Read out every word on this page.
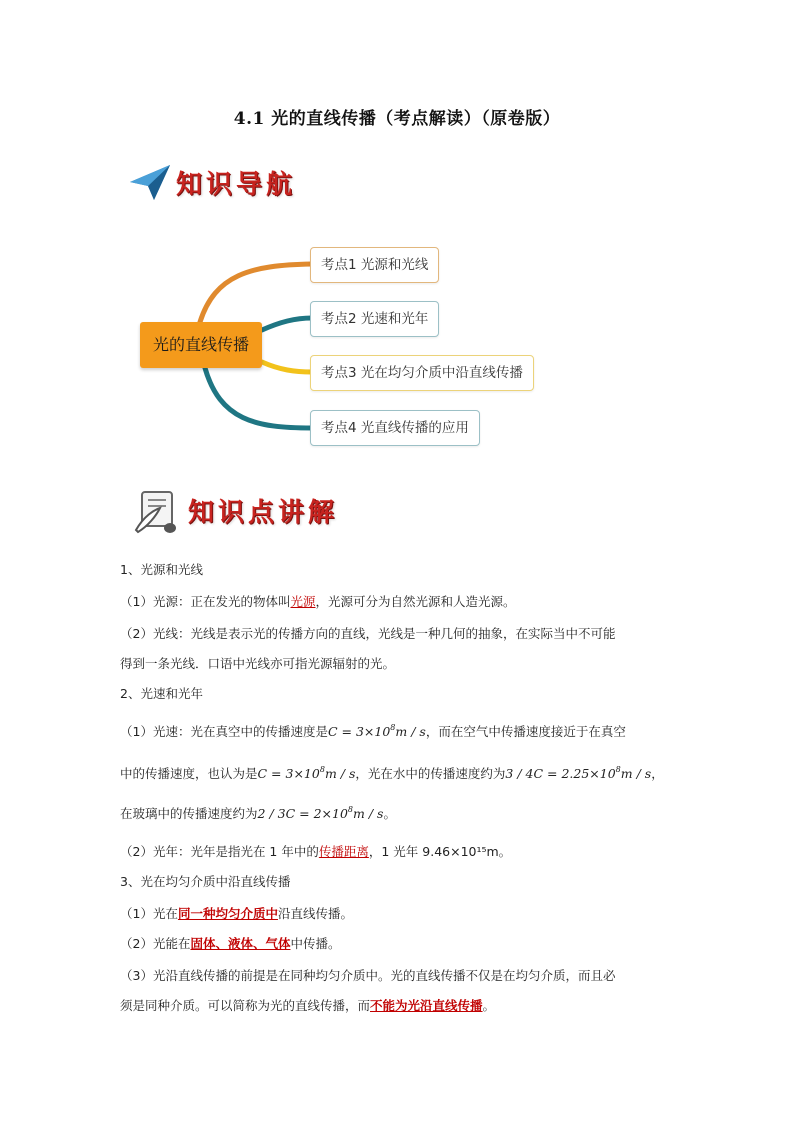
4.1 光的直线传播（考点解读）（原卷版）
知识导航
光的直线传播
考点1 光源和光线
考点2 光速和光年
考点3 光在均匀介质中沿直线传播
考点4 光直线传播的应用
知识点讲解
1、光源和光线
（1）光源：正在发光的物体叫光源，光源可分为自然光源和人造光源。
（2）光线：光线是表示光的传播方向的直线，光线是一种几何的抽象，在实际当中不可能
得到一条光线．口语中光线亦可指光源辐射的光。
2、光速和光年
（1）光速：光在真空中的传播速度是$C = 3\times 10^8m / s$，而在空气中传播速度接近于在真空
中的传播速度，也认为是$C = 3\times 10^8m / s$，光在水中的传播速度约为$3 / 4C = 2.25\times 10^8m / s$，
在玻璃中的传播速度约为$2 / 3C = 2\times 10^8m / s$。
（2）光年：光年是指光在 1 年中的传播距离，1 光年 9.46×10¹⁵m。
3、光在均匀介质中沿直线传播
（1）光在同一种均匀介质中沿直线传播。
（2）光能在固体、液体、气体中传播。
（3）光沿直线传播的前提是在同种均匀介质中。光的直线传播不仅是在均匀介质，而且必
须是同种介质。可以简称为光的直线传播，而不能为光沿直线传播。
